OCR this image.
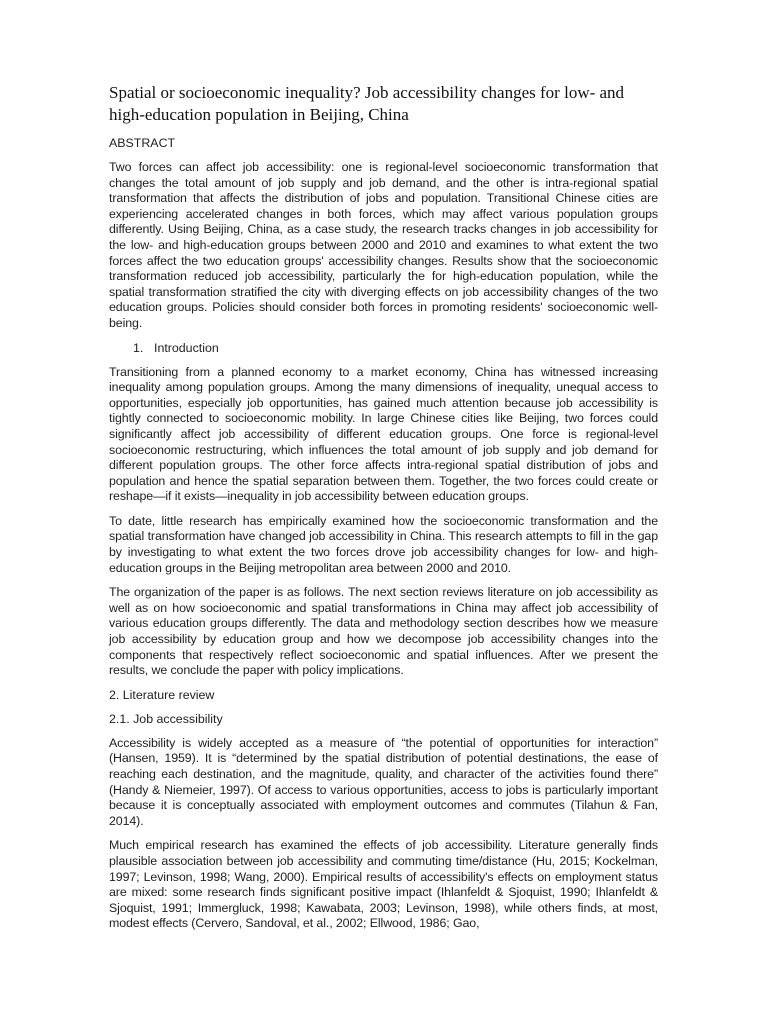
Spatial or socioeconomic inequality? Job accessibility changes for low- and high-education population in Beijing, China
ABSTRACT

Two forces can affect job accessibility: one is regional-level socioeconomic transformation that changes the total amount of job supply and job demand, and the other is intra-regional spatial transformation that affects the distribution of jobs and population. Transitional Chinese cities are experiencing accelerated changes in both forces, which may affect various population groups differently. Using Beijing, China, as a case study, the research tracks changes in job accessibility for the low- and high-education groups between 2000 and 2010 and examines to what extent the two forces affect the two education groups' accessibility changes. Results show that the socioeconomic transformation reduced job accessibility, particularly the for high-education population, while the spatial transformation stratified the city with diverging effects on job accessibility changes of the two education groups. Policies should consider both forces in promoting residents' socioeconomic well-being.

1. Introduction

Transitioning from a planned economy to a market economy, China has witnessed increasing inequality among population groups. Among the many dimensions of inequality, unequal access to opportunities, especially job opportunities, has gained much attention because job accessibility is tightly connected to socioeconomic mobility. In large Chinese cities like Beijing, two forces could significantly affect job accessibility of different education groups. One force is regional-level socioeconomic restructuring, which influences the total amount of job supply and job demand for different population groups. The other force affects intra-regional spatial distribution of jobs and population and hence the spatial separation between them. Together, the two forces could create or reshape—if it exists—inequality in job accessibility between education groups.

To date, little research has empirically examined how the socioeconomic transformation and the spatial transformation have changed job accessibility in China. This research attempts to fill in the gap by investigating to what extent the two forces drove job accessibility changes for low- and high-education groups in the Beijing metropolitan area between 2000 and 2010.

The organization of the paper is as follows. The next section reviews literature on job accessibility as well as on how socioeconomic and spatial transformations in China may affect job accessibility of various education groups differently. The data and methodology section describes how we measure job accessibility by education group and how we decompose job accessibility changes into the components that respectively reflect socioeconomic and spatial influences. After we present the results, we conclude the paper with policy implications.

2. Literature review
2.1. Job accessibility

Accessibility is widely accepted as a measure of “the potential of opportunities for interaction” (Hansen, 1959). It is “determined by the spatial distribution of potential destinations, the ease of reaching each destination, and the magnitude, quality, and character of the activities found there” (Handy & Niemeier, 1997). Of access to various opportunities, access to jobs is particularly important because it is conceptually associated with employment outcomes and commutes (Tilahun & Fan, 2014).

Much empirical research has examined the effects of job accessibility. Literature generally finds plausible association between job accessibility and commuting time/distance (Hu, 2015; Kockelman, 1997; Levinson, 1998; Wang, 2000). Empirical results of accessibility's effects on employment status are mixed: some research finds significant positive impact (Ihlanfeldt & Sjoquist, 1990; Ihlanfeldt & Sjoquist, 1991; Immergluck, 1998; Kawabata, 2003; Levinson, 1998), while others finds, at most, modest effects (Cervero, Sandoval, et al., 2002; Ellwood, 1986; Gao,
